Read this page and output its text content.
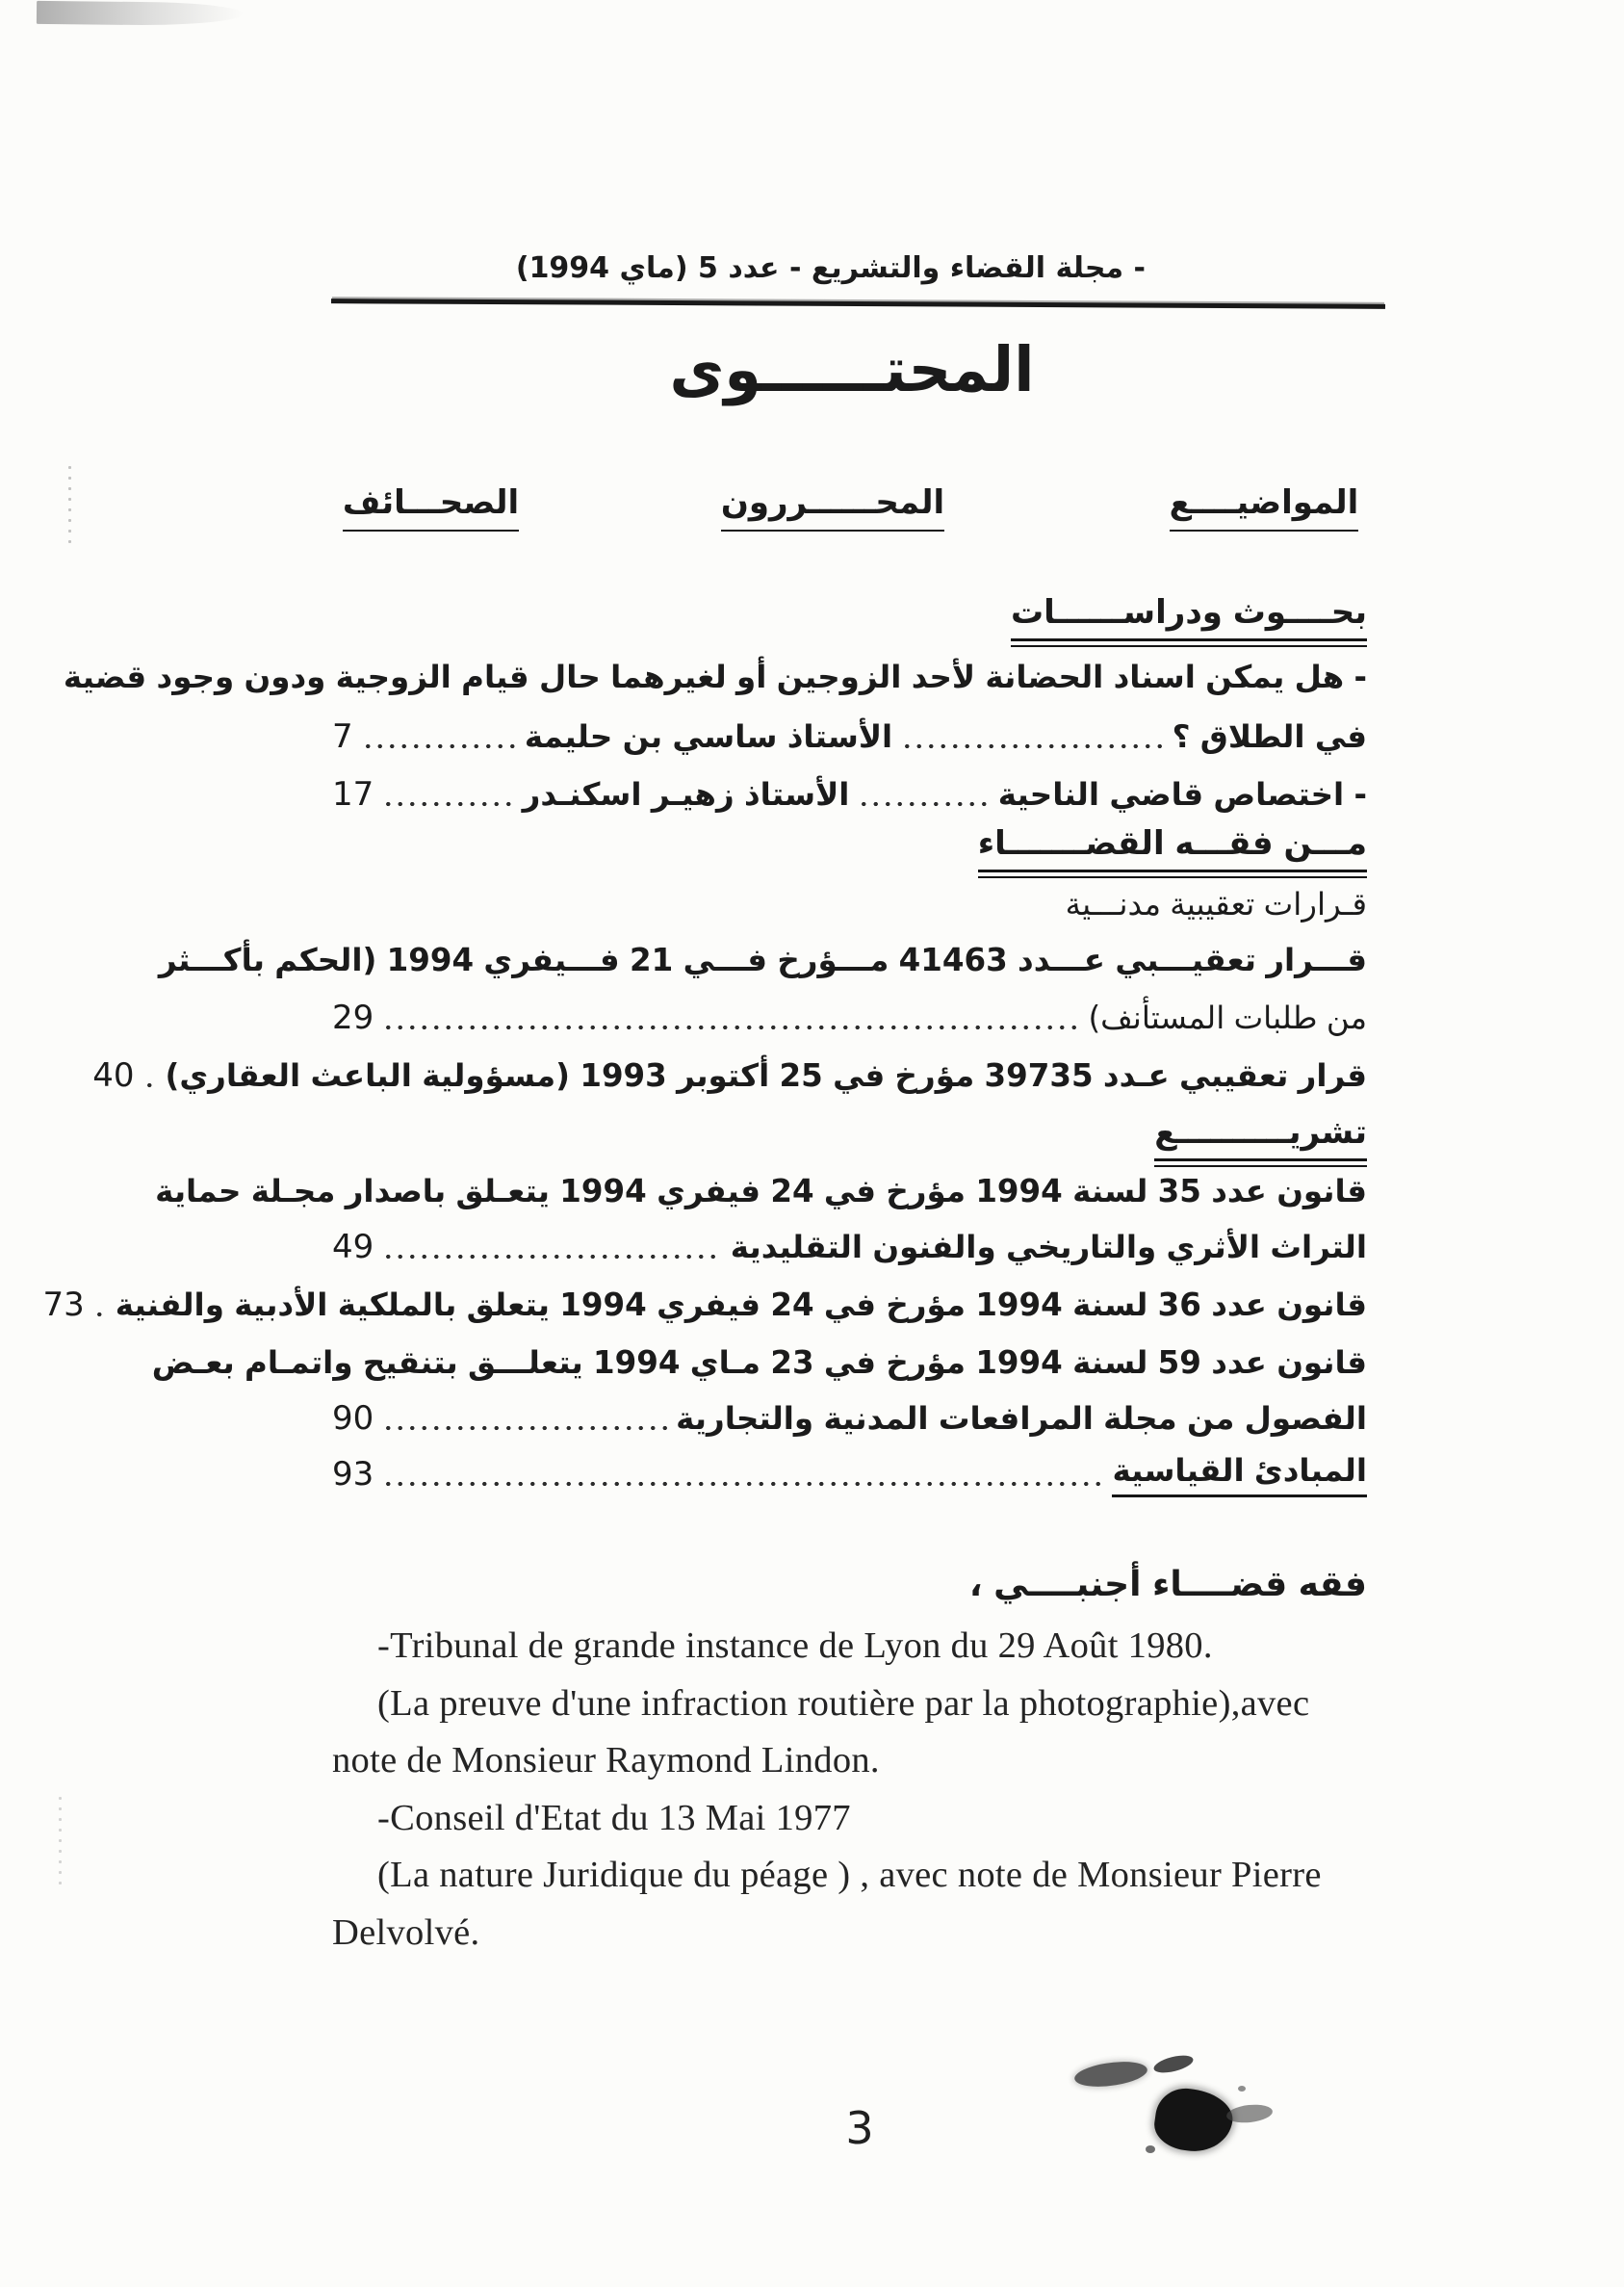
- مجلة القضاء والتشريع - عدد 5 (ماي 1994)
المحتــــــوى
المواضيــــع
المحــــــررون
الصحـــائف
بحــــوث ودراســــــات
- هل يمكن اسناد الحضانة لأحد الزوجين أو لغيرهما حال قيام الزوجية ودون وجود قضية
في الطلاق ؟
الأستاذ ساسي بن حليمة
7
- اختصاص قاضي الناحية
الأستاذ زهيـر اسكنـدر
17
مـــن فقـــه القضـــــــاء
قـرارات تعقيبية مدنـــية
قـــرار تعقيـــبي عـــدد 41463 مـــؤرخ فـــي 21 فـــيفري 1994 (الحكم بأكـــثر
من طلبات المستأنف)
29
قرار تعقيبي عـدد 39735 مؤرخ في 25 أكتوبر 1993 (مسؤولية الباعث العقاري)
40
تشريــــــــــع
قانون عدد 35 لسنة 1994 مؤرخ في 24 فيفري 1994 يتعـلق باصدار مجـلة حماية
التراث الأثري والتاريخي والفنون التقليدية
49
قانون عدد 36 لسنة 1994 مؤرخ في 24 فيفري 1994 يتعلق بالملكية الأدبية والفنية
73
قانون عدد 59 لسنة 1994 مؤرخ في 23 مـاي 1994 يتعلـــق بتنقيح واتمـام بعـض
الفصول من مجلة المرافعات المدنية والتجارية
90
المبادئ القياسية
93
فقه قضــــاء أجنبــــي ،
-Tribunal de grande instance de Lyon du 29 Août 1980.
(La preuve d'une infraction routière par la photographie),avec
note de Monsieur Raymond Lindon.
-Conseil d'Etat du 13 Mai 1977
(La nature Juridique du péage ) , avec note de Monsieur Pierre
Delvolvé.
3
